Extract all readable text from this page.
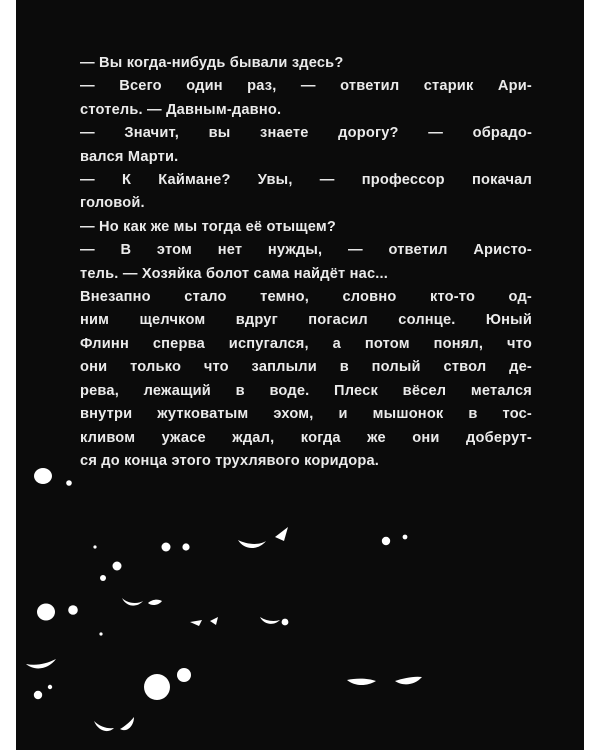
— Вы когда-нибудь бывали здесь?
— Всего один раз, — ответил старик Ари-
стотель. — Давным-давно.
— Значит, вы знаете дорогу? — обрадо-
вался Марти.
— К Каймане? Увы, — профессор покачал
головой.
— Но как же мы тогда её отыщем?
— В этом нет нужды, — ответил Аристо-
тель. — Хозяйка болот сама найдёт нас...
Внезапно стало темно, словно кто-то од-
ним щелчком вдруг погасил солнце. Юный
Флинн сперва испугался, а потом понял, что
они только что заплыли в полый ствол де-
рева, лежащий в воде. Плеск вёсел метался
внутри жутковатым эхом, и мышонок в тос-
кливом ужасе ждал, когда же они доберут-
ся до конца этого трухлявого коридора.
